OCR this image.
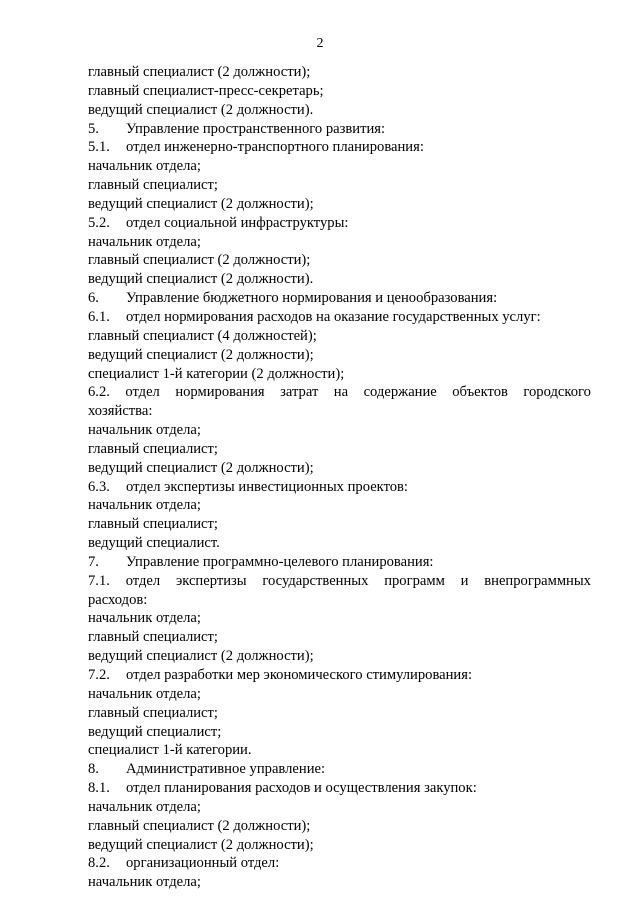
2
главный специалист (2 должности);
главный специалист-пресс-секретарь;
ведущий специалист (2 должности).
5. Управление пространственного развития:
5.1. отдел инженерно-транспортного планирования:
начальник отдела;
главный специалист;
ведущий специалист (2 должности);
5.2. отдел социальной инфраструктуры:
начальник отдела;
главный специалист (2 должности);
ведущий специалист (2 должности).
6. Управление бюджетного нормирования и ценообразования:
6.1. отдел нормирования расходов на оказание государственных услуг:
главный специалист (4 должностей);
ведущий специалист (2 должности);
специалист 1-й категории (2 должности);
6.2. отдел нормирования затрат на содержание объектов городского
хозяйства:
начальник отдела;
главный специалист;
ведущий специалист (2 должности);
6.3. отдел экспертизы инвестиционных проектов:
начальник отдела;
главный специалист;
ведущий специалист.
7. Управление программно-целевого планирования:
7.1. отдел экспертизы государственных программ и внепрограммных
расходов:
начальник отдела;
главный специалист;
ведущий специалист (2 должности);
7.2. отдел разработки мер экономического стимулирования:
начальник отдела;
главный специалист;
ведущий специалист;
специалист 1-й категории.
8. Административное управление:
8.1. отдел планирования расходов и осуществления закупок:
начальник отдела;
главный специалист (2 должности);
ведущий специалист (2 должности);
8.2. организационный отдел:
начальник отдела;
